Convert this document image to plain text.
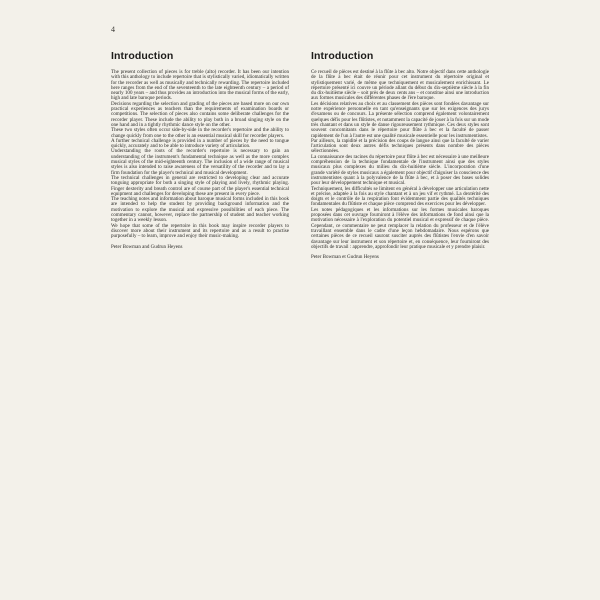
4
Introduction

The present collection of pieces is for treble (alto) recorder. It has been our intention with this anthology to include repertoire that is stylistically varied, idiomatically written for the recorder as well as musically and technically rewarding. The repertoire included here ranges from the end of the seventeenth to the late eighteenth century – a period of nearly 100 years – and thus provides an introduction into the musical forms of the early, high and late baroque periods.

Decisions regarding the selection and grading of the pieces are based more on our own practical experiences as teachers than the requirements of examination boards or competitions. The selection of pieces also contains some deliberate challenges for the recorder player. These include the ability to play both in a broad singing style on the one hand and in a tightly rhythmic dance style on the other.

These two styles often occur side-by-side in the recorder's repertoire and the ability to change quickly from one to the other is an essential musical skill for recorder players.

A further technical challenge is provided in a number of pieces by the need to tongue quickly, accurately and to be able to introduce variety of articulation.

Understanding the roots of the recorder's repertoire is necessary to gain an understanding of the instrument's fundamental technique as well as the more complex musical styles of the mid-eighteenth century. The inclusion of a wide range of musical styles is also intended to raise awareness of the versatility of the recorder and to lay a firm foundation for the player's technical and musical development.

The technical challenges in general are restricted to developing clear and accurate tonguing appropriate for both a singing style of playing and lively, rhythmic playing. Finger dexterity and breath control are of course part of the player's essential technical equipment and challenges for developing these are present in every piece.

The teaching notes and information about baroque musical forms included in this book are intended to help the student by providing background information and the motivation to explore the musical and expressive possibilities of each piece. The commentary cannot, however, replace the partnership of student and teacher working together in a weekly lesson.

We hope that some of the repertoire in this book may inspire recorder players to discover more about their instrument and its repertoire and as a result to practise purposefully – to learn, improve and enjoy their music-making.

Peter Bowman and Gudrun Heyens

Introduction

Ce recueil de pièces est destiné à la flûte à bec alto. Notre objectif dans cette anthologie de la flûte à bec était de réunir pour cet instrument du répertoire original et stylistiquement varié, de même que techniquement et musicalement enrichissant. Le répertoire présenté ici couvre un période allant du début du dix-septième siècle à la fin du dix-huitième siècle – soit près de deux cents ans – et constitue ainsi une introduction aux formes musicales des différentes phases de l'ère baroque.

Les décisions relatives au choix et au classement des pièces sont fondées davantage sur notre expérience personnelle en tant qu'enseignants que sur les exigences des jurys d'examens ou de concours. La présente sélection comprend également volontairement quelques défis pour les flûtistes, et notamment la capacité de jouer à la fois sur un mode très chantant et dans un style de danse rigoureusement rythmique. Ces deux styles sont souvent concomitants dans le répertoire pour flûte à bec et la faculté de passer rapidement de l'un à l'autre est une qualité musicale essentielle pour les instrumentistes.

Par ailleurs, la rapidité et la précision des coups de langue ainsi que la faculté de varier l'articulation sont deux autres défis techniques présents dans nombre des pièces sélectionnées.

La connaissance des racines du répertoire pour flûte à bec est nécessaire à une meilleure compréhension de la technique fondamentale de l'instrument ainsi que des styles musicaux plus complexes du milieu du dix-huitième siècle. L'incorporation d'une grande variété de styles musicaux a également pour objectif d'aiguiser la conscience des instrumentistes quant à la polyvalence de la flûte à bec, et à poser des bases solides pour leur développement technique et musical.

Techniquement, les difficultés se limitent en général à développer une articulation nette et précise, adaptée à la fois au style chantant et à un jeu vif et rythmé. La dextérité des doigts et le contrôle de la respiration font évidemment partie des qualités techniques fondamentales du flûtiste et chaque pièce comprend des exercices pour les développer.

Les notes pédagogiques et les informations sur les formes musicales baroques proposées dans cet ouvrage fourniront à l'élève des informations de fond ainsi que la motivation nécessaire à l'exploration du potentiel musical et expressif de chaque pièce. Cependant, ce commentaire ne peut remplacer la relation du professeur et de l'élève travaillant ensemble dans le cadre d'une leçon hebdomadaire. Nous espérons que certaines pièces de ce recueil sauront susciter auprès des flûtistes l'envie d'en savoir davantage sur leur instrument et son répertoire et, en conséquence, leur fourniront des objectifs de travail : apprendre, approfondir leur pratique musicale et y prendre plaisir.

Peter Bowman et Gudrun Heyens
